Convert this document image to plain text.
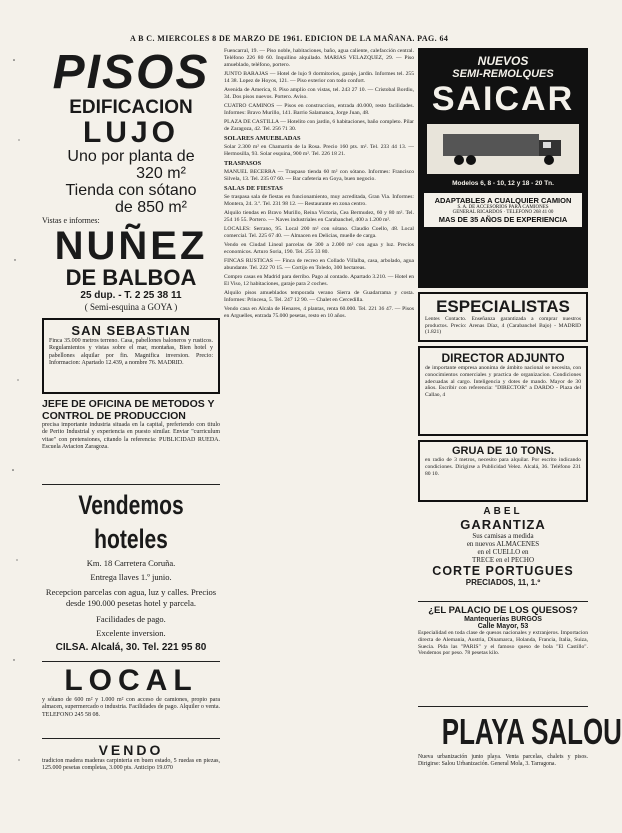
A B C. MIERCOLES 8 DE MARZO DE 1961. EDICION DE LA MAÑANA. PAG. 64
PISOS
EDIFICACION
LUJO
Uno por planta de
320 m²
Tienda con sótano
de 850 m²
Vistas e informes:
NUÑEZ
DE BALBOA
25 dup. - T. 2 25 38 11
( Semi-esquina a GOYA )
SAN SEBASTIAN
Finca 35.000 metros terreno. Casa, pabellones baloneros y rusticos. Regulamientos y vistas sobre el mar, montañas, Bien hotel y pabellones alquilar por fin. Magnifica inversion. Precio: Informacion: Apartado 12.439, a nombre 76. MADRID.
JEFE DE OFICINA DE METODOS Y CONTROL DE PRODUCCION
precisa importante industria situada en la capital, preferiendo con titulo de Perito Industrial y experiencia en puesto similar. Enviar "curriculum vitae" con pretensiones, citando la referencia: PUBLICIDAD RUEDA. Escuela Aviacion Zaragoza.
Vendemos hoteles
Km. 18 Carretera Coruña.
Entrega llaves 1.º junio.
Recepcion parcelas con agua, luz y calles. Precios desde 190.000 pesetas hotel y parcela.
Facilidades de pago.
Excelente inversion.
CILSA. Alcalá, 30. Tel. 221 95 80
LOCAL
y sótano de 600 m² y 1.000 m² con acceso de camiones, propio para almacen, supermercado o industria. Facilidades de pago. Alquiler o venta. TELEFONO 245 58 08.
VENDO
tradicion madera maderas carpinteria en buen estado, 5 ruedas en piezas, 125.000 pesetas completas, 3.000 pts. Anticipo 19.070

Fuencarral, 19. — Piso noble, habitaciones, baño, agua caliente, calefacción central. Teléfono 226 80 60. Inquilino alquilado. MARIAS VELAZQUEZ, 29. — Piso amueblado, teléfono, portero.

JUNTO BARAJAS — Hotel de lujo 9 dormitorios, garaje, jardin. Informes tel. 255 14 38. Lopez de Hoyos, 121. — Piso exterior con todo confort.

Avenida de America, 8. Piso amplio con vistas, tel. 243 27 10. — Cristobal Bordiu, 34. Dos pisos nuevos. Portero. Aviso.

CUATRO CAMINOS — Pisos en construccion, entrada 40.000, resto facilidades. Informes: Bravo Murillo, 141. Barrio Salamanca, Jorge Juan, 48.

PLAZA DE CASTILLA — Hotelito con jardin, 6 habitaciones, baño completo. Pilar de Zaragoza, 42. Tel. 256 71 30.

SOLARES AMUEBLADAS

Solar 2.300 m² en Chamartin de la Rosa. Precio 160 pts. m². Tel. 233 44 13. — Hermosilla, 93. Solar esquina, 900 m². Tel. 226 18 21.

TRASPASOS

MANUEL BECERRA — Traspaso tienda 60 m² con sótano. Informes: Francisco Silvela, 13. Tel. 235 07 60. — Bar cafeteria en Goya, buen negocio.

SALAS DE FIESTAS

Se traspasa sala de fiestas en funcionamiento, muy acreditada, Gran Via. Informes: Montera, 24. 3.º. Tel. 231 98 12. — Restaurante en zona centro.

Alquilo tiendas en Bravo Murillo, Reina Victoria, Cea Bermudez, 60 y 80 m². Tel. 254 16 55. Portero. — Naves industriales en Carabanchel, 400 a 1.200 m².

LOCALES: Serrano, 95. Local 200 m² con sótano. Claudio Coello, 48. Local comercial. Tel. 225 67 40. — Almacen en Delicias, muelle de carga.

Vendo en Ciudad Lineal parcelas de 300 a 2.000 m² con agua y luz. Precios economicos. Arturo Soria, 190. Tel. 255 33 80.

FINCAS RUSTICAS — Finca de recreo en Collado Villalba, casa, arbolado, agua abundante. Tel. 222 70 15. — Cortijo en Toledo, 300 hectareas.

Compro casas en Madrid para derribo. Pago al contado. Apartado 3.210. — Hotel en El Viso, 12 habitaciones, garaje para 2 coches.

Alquilo pisos amueblados temporada verano Sierra de Guadarrama y costa. Informes: Princesa, 5. Tel. 247 12 90. — Chalet en Cercedilla.

Vendo casa en Alcala de Henares, 4 plantas, renta 60.000. Tel. 221 36 47. — Pisos en Arguelles, entrada 75.000 pesetas, resto en 10 años.

NUEVOS
SEMI-REMOLQUES
SAICAR
Modelos 6, 8 - 10, 12 y 18 - 20 Tn.
ADAPTABLES A CUALQUIER CAMION
S. A. DE ACCESORIOS PARA CAMIONES
GENERAL RICARDOS · TELEFONO 268 41 00
MAS DE 35 AÑOS DE EXPERIENCIA
ESPECIALISTAS
Lentes Contacto. Enseñanza garantizada a comprar nuestros productos. Precio: Arenas Díaz, 4 (Carabanchel Bajo) - MADRID (1.821)
DIRECTOR ADJUNTO
de importante empresa anonima de ámbito nacional se necesita, con conocimientos comerciales y practica de organizacion. Condiciones adecuadas al cargo. Inteligencia y dotes de mando. Mayor de 30 años. Escribir con referencia: "DIRECTOR" a DARDO - Plaza del Callao, 4
GRUA DE 10 TONS.
en radio de 3 metros, necesito para alquilar. Por escrito indicando condiciones. Dirigirse a Publicidad Velez. Alcalá, 36. Teléfono 231 80 10.
ABEL
GARANTIZA
Sus camisas a medida
en nuevos ALMACENES
en el CUELLO en
TRECE en el PECHO
CORTE PORTUGUES
PRECIADOS, 11, 1.º
¿EL PALACIO DE LOS QUESOS?
Mantequerías BURGOS
Calle Mayor, 53
Especialidad en toda clase de quesos nacionales y extranjeros. Importacion directa de Alemania, Austria, Dinamarca, Holanda, Francia, Italia, Suiza, Suecia. Pida las "PARIS" y el famoso queso de bola "El Castillo". Vendemos por peso. 78 pesetas kilo.
PLAYA SALOU
Nueva urbanización junto playa. Venta parcelas, chalets y pisos. Dirigirse: Salou Urbanización. General Mola, 3. Tarragona.
